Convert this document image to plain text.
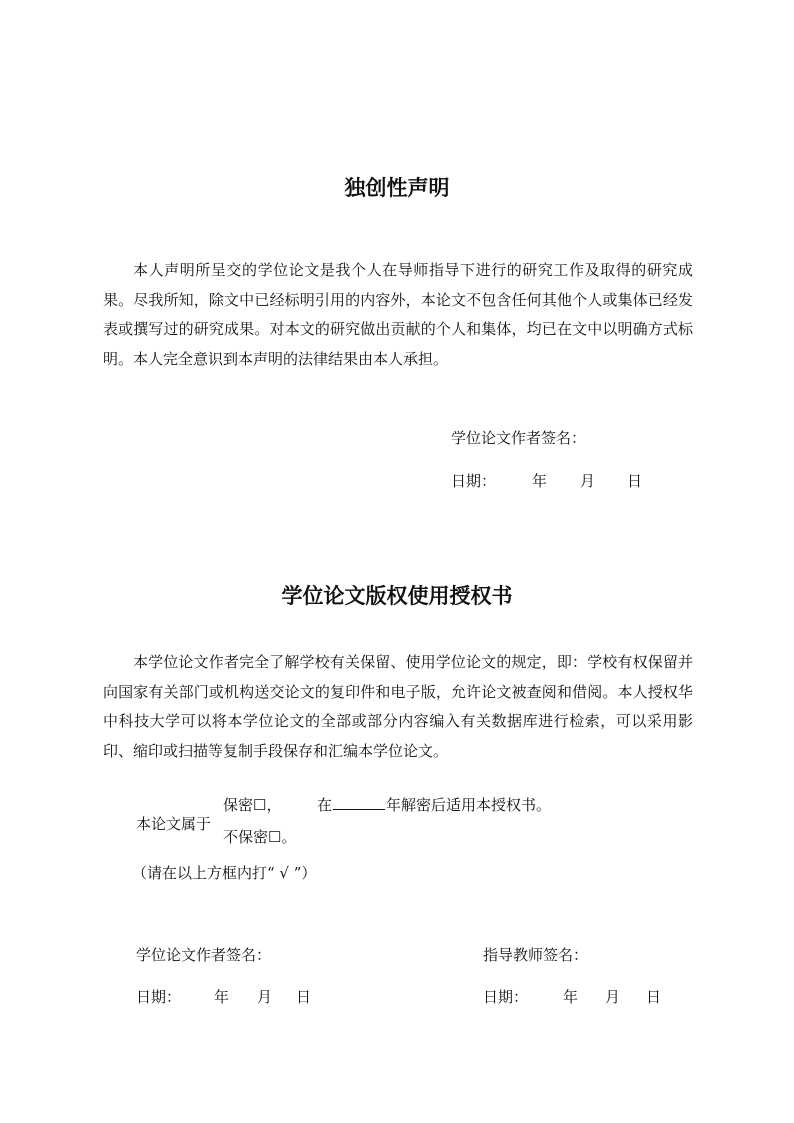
独创性声明

本人声明所呈交的学位论文是我个人在导师指导下进行的研究工作及取得的研究成果。尽我所知，除文中已经标明引用的内容外，本论文不包含任何其他个人或集体已经发表或撰写过的研究成果。对本文的研究做出贡献的个人和集体，均已在文中以明确方式标明。本人完全意识到本声明的法律结果由本人承担。

学位论文作者签名：
日期： 年 月 日
学位论文版权使用授权书

本学位论文作者完全了解学校有关保留、使用学位论文的规定，即：学校有权保留并向国家有关部门或机构送交论文的复印件和电子版，允许论文被查阅和借阅。本人授权华中科技大学可以将本学位论文的全部或部分内容编入有关数据库进行检索，可以采用影印、缩印或扫描等复制手段保存和汇编本学位论文。

本论文属于
保密☐， 在	年解密后适用本授权书。
不保密☐。
（请在以上方框内打“ √ ”）
学位论文作者签名：	指导教师签名：
日期： 年 月 日	日期： 年 月 日
